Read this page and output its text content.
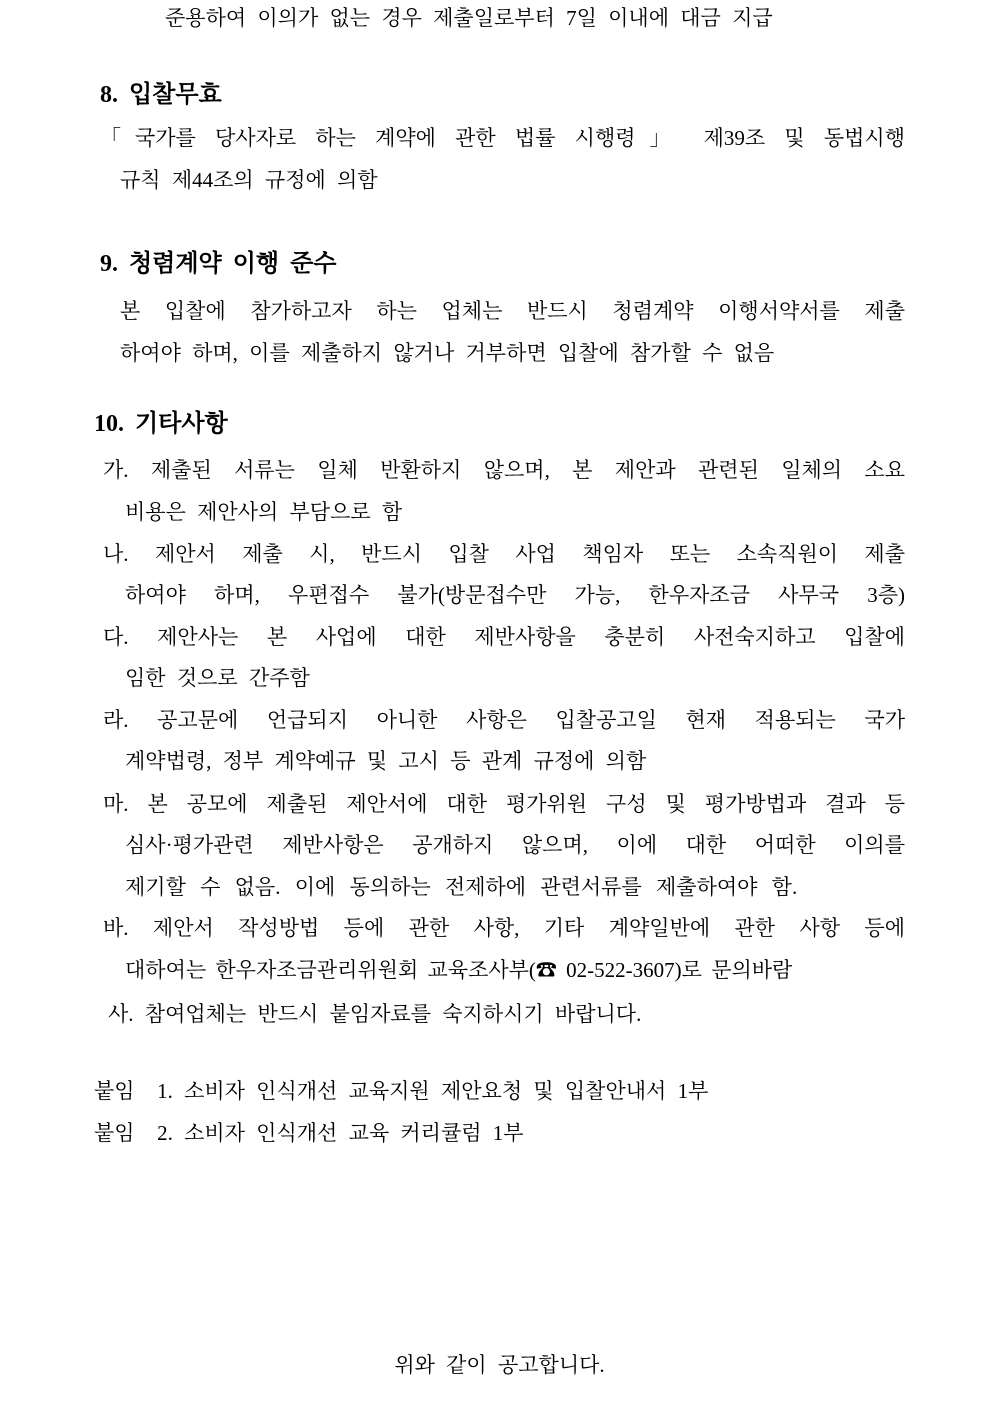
준용하여 이의가 없는 경우 제출일로부터 7일 이내에 대금 지급
8. 입찰무효
「국가를 당사자로 하는 계약에 관한 법률 시행령」 제39조 및 동법시행
규칙 제44조의 규정에 의함
9. 청렴계약 이행 준수
본 입찰에 참가하고자 하는 업체는 반드시 청렴계약 이행서약서를 제출
하여야 하며, 이를 제출하지 않거나 거부하면 입찰에 참가할 수 없음
10. 기타사항
가. 제출된 서류는 일체 반환하지 않으며, 본 제안과 관련된 일체의 소요
비용은 제안사의 부담으로 함
나. 제안서 제출 시, 반드시 입찰 사업 책임자 또는 소속직원이 제출
하여야 하며, 우편접수 불가(방문접수만 가능, 한우자조금 사무국 3층)
다. 제안사는 본 사업에 대한 제반사항을 충분히 사전숙지하고 입찰에
임한 것으로 간주함
라. 공고문에 언급되지 아니한 사항은 입찰공고일 현재 적용되는 국가
계약법령, 정부 계약예규 및 고시 등 관계 규정에 의함
마. 본 공모에 제출된 제안서에 대한 평가위원 구성 및 평가방법과 결과 등
심사·평가관련 제반사항은 공개하지 않으며, 이에 대한 어떠한 이의를
제기할 수 없음. 이에 동의하는 전제하에 관련서류를 제출하여야 함.
바. 제안서 작성방법 등에 관한 사항, 기타 계약일반에 관한 사항 등에
대하여는 한우자조금관리위원회 교육조사부(☎ 02-522-3607)로 문의바람
사. 참여업체는 반드시 붙임자료를 숙지하시기 바랍니다.
붙임  1. 소비자 인식개선 교육지원 제안요청 및 입찰안내서 1부
붙임  2. 소비자 인식개선 교육 커리큘럼 1부
위와 같이 공고합니다.
